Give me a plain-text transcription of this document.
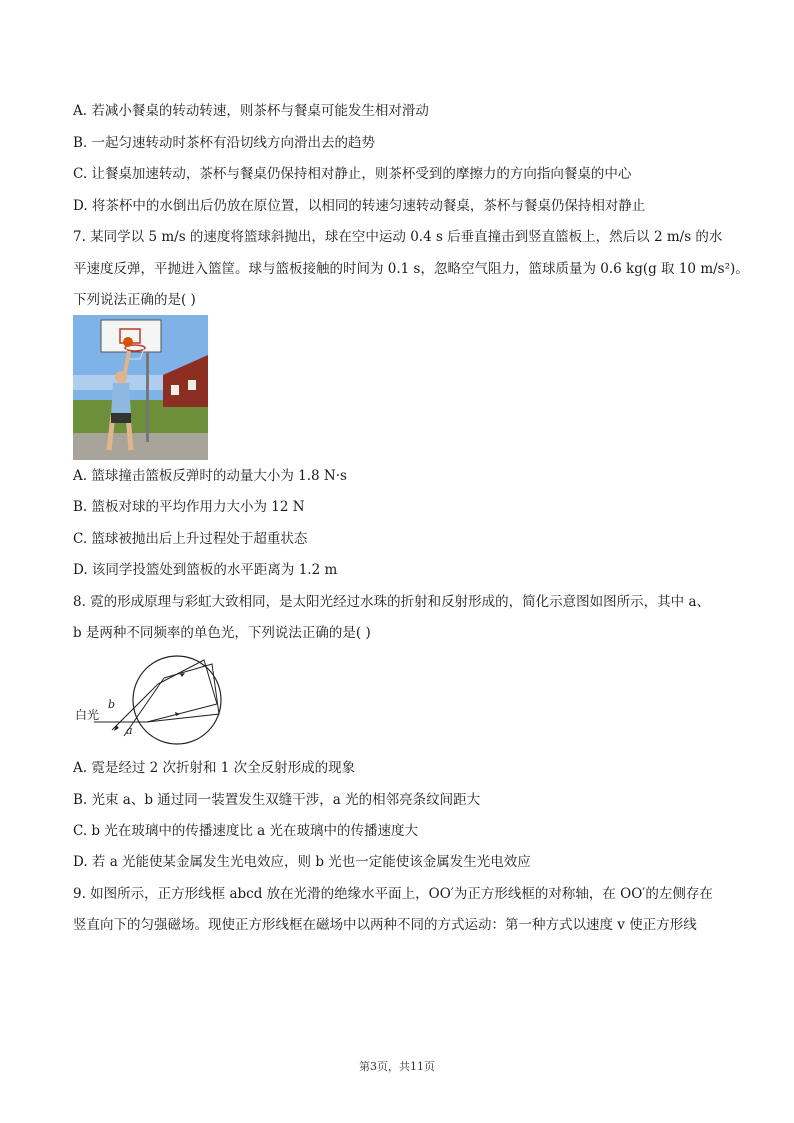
A. 若减小餐桌的转动转速，则茶杯与餐桌可能发生相对滑动
B. 一起匀速转动时茶杯有沿切线方向滑出去的趋势
C. 让餐桌加速转动，茶杯与餐桌仍保持相对静止，则茶杯受到的摩擦力的方向指向餐桌的中心
D. 将茶杯中的水倒出后仍放在原位置，以相同的转速匀速转动餐桌，茶杯与餐桌仍保持相对静止
7. 某同学以 5 m/s 的速度将篮球斜抛出，球在空中运动 0.4 s 后垂直撞击到竖直篮板上，然后以 2 m/s 的水
平速度反弹，平抛进入篮筐。球与篮板接触的时间为 0.1 s，忽略空气阻力，篮球质量为 0.6 kg(g 取 10 m/s²)。
下列说法正确的是( )
A. 篮球撞击篮板反弹时的动量大小为 1.8 N·s
B. 篮板对球的平均作用力大小为 12 N
C. 篮球被抛出后上升过程处于超重状态
D. 该同学投篮处到篮板的水平距离为 1.2 m
8. 霓的形成原理与彩虹大致相同，是太阳光经过水珠的折射和反射形成的，简化示意图如图所示，其中 a、
b 是两种不同频率的单色光，下列说法正确的是( )
白光
b
a
A. 霓是经过 2 次折射和 1 次全反射形成的现象
B. 光束 a、b 通过同一装置发生双缝干涉，a 光的相邻亮条纹间距大
C. b 光在玻璃中的传播速度比 a 光在玻璃中的传播速度大
D. 若 a 光能使某金属发生光电效应，则 b 光也一定能使该金属发生光电效应
9. 如图所示，正方形线框 abcd 放在光滑的绝缘水平面上，OO′为正方形线框的对称轴，在 OO′的左侧存在
竖直向下的匀强磁场。现使正方形线框在磁场中以两种不同的方式运动：第一种方式以速度 v 使正方形线
第3页，共11页
